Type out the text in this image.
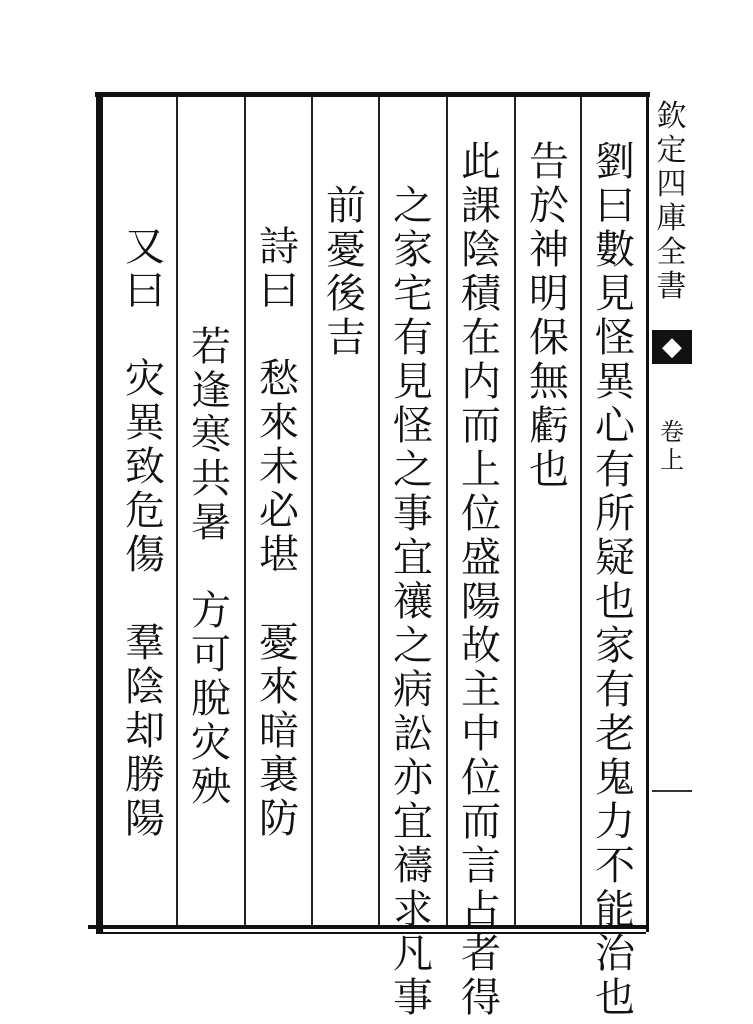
劉
曰
數
見
怪
異
心
有
所
疑
也
家
有
老
鬼
力
不
能
治
也
告
於
神
明
保
無
虧
也
此
課
陰
積
在
内
而
上
位
盛
陽
故
主
中
位
而
言
占
者
得
之
家
宅
有
見
怪
之
事
宜
禳
之
病
訟
亦
宜
禱
求
凡
事
前
憂
後
吉
詩
曰
愁
來
未
必
堪
憂
來
暗
裏
防
若
逢
寒
共
暑
方
可
脫
灾
殃
又
曰
灾
異
致
危
傷
羣
陰
却
勝
陽
欽
定
四
庫
全
書
◆
卷
上
